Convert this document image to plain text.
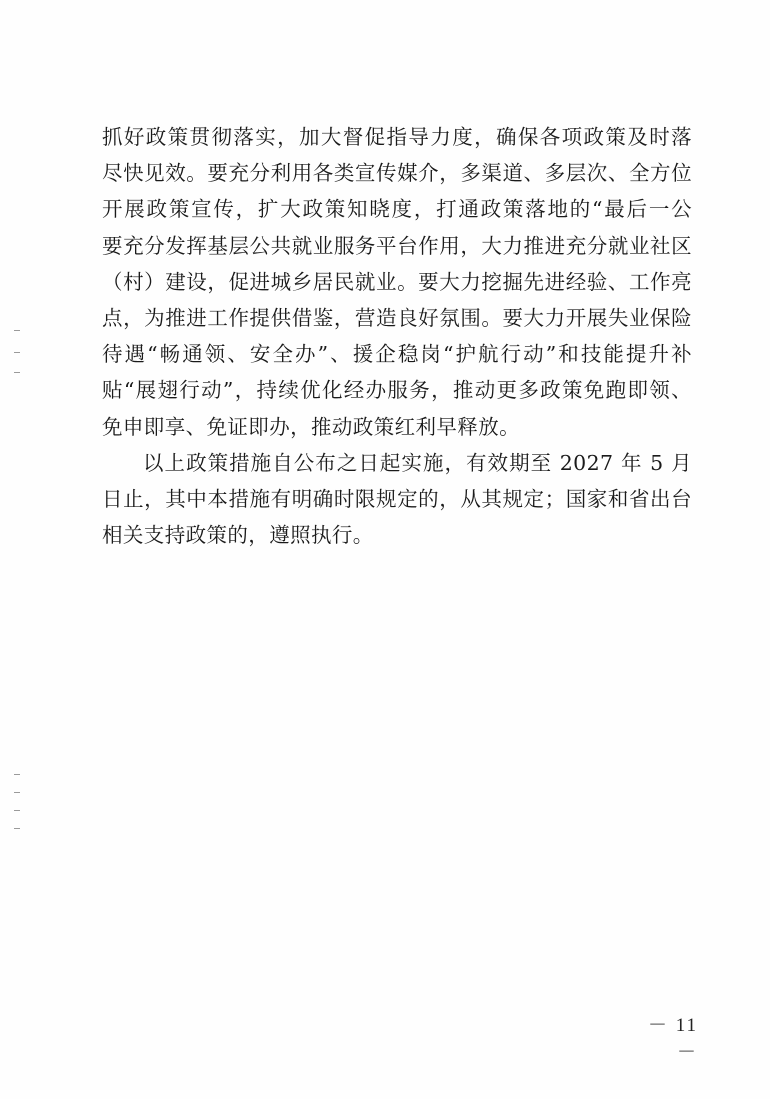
抓好政策贯彻落实，加大督促指导力度，确保各项政策及时落
尽快见效。要充分利用各类宣传媒介，多渠道、多层次、全方位
开展政策宣传，扩大政策知晓度，打通政策落地的“最后一公
要充分发挥基层公共就业服务平台作用，大力推进充分就业社区
（村）建设，促进城乡居民就业。要大力挖掘先进经验、工作亮
点，为推进工作提供借鉴，营造良好氛围。要大力开展失业保险
待遇“畅通领、安全办”、援企稳岗“护航行动”和技能提升补
贴“展翅行动”，持续优化经办服务，推动更多政策免跑即领、
免申即享、免证即办，推动政策红利早释放。
以上政策措施自公布之日起实施，有效期至 2027 年 5 月
日止，其中本措施有明确时限规定的，从其规定；国家和省出台
相关支持政策的，遵照执行。
－ 11 －
